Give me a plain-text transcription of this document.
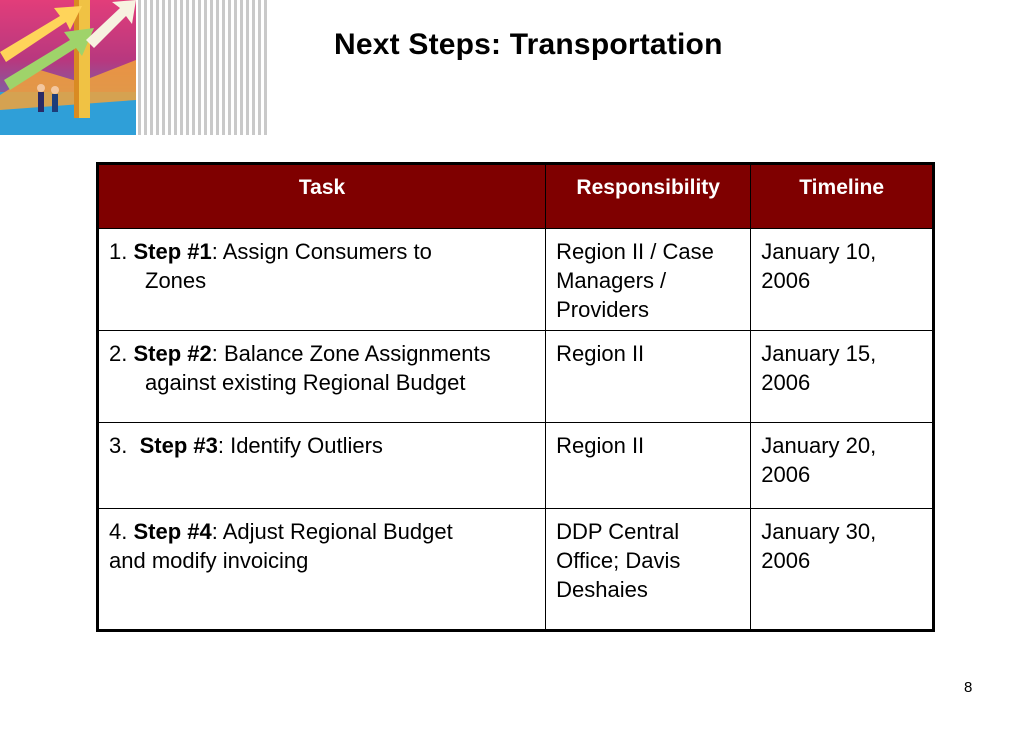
Next Steps: Transportation
Task	Responsibility	Timeline
1. Step #1: Assign Consumers to
Zones	Region II / Case Managers / Providers	January 10, 2006
2. Step #2: Balance Zone Assignments
against existing Regional Budget	Region II	January 15, 2006
3. Step #3: Identify Outliers	Region II	January 20, 2006
4. Step #4: Adjust Regional Budget
and modify invoicing	DDP Central Office; Davis Deshaies	January 30, 2006
8
